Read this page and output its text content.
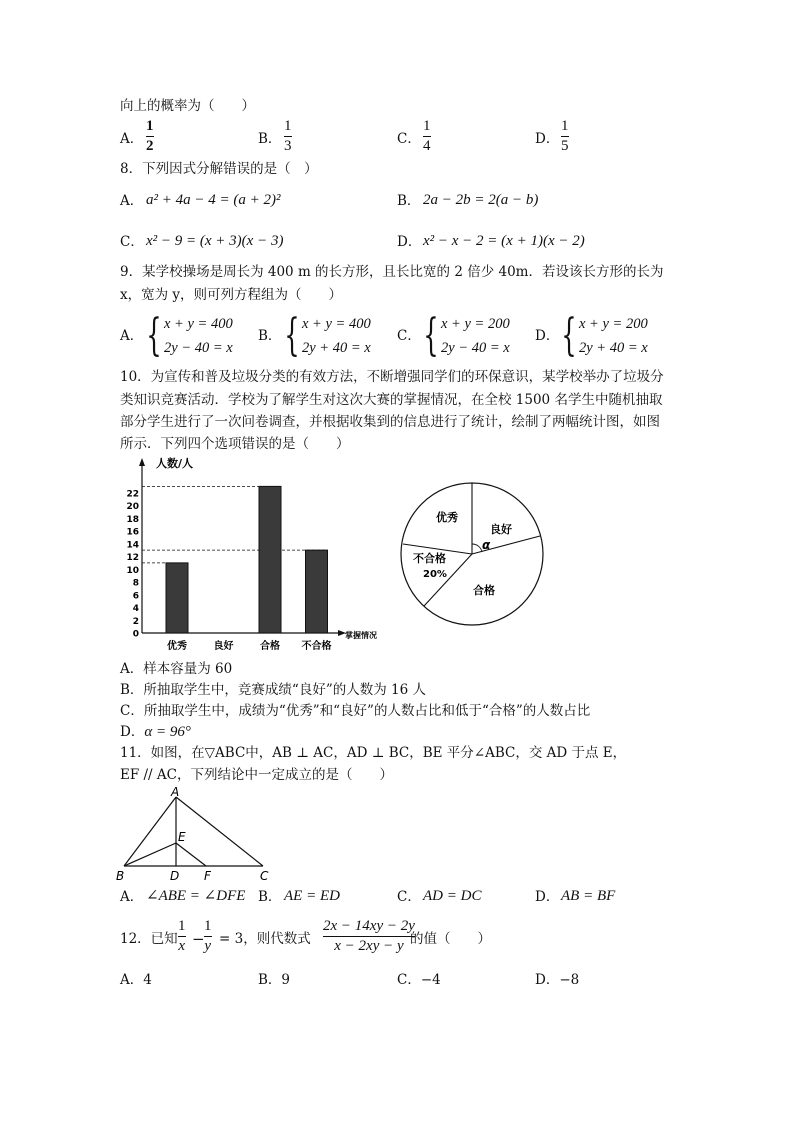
向上的概率为（　　）
A．
1
2	B．
1
3	C．
1
4	D．
1
5
8．下列因式分解错误的是（　）
A． a² + 4a − 4 = (a + 2)²	B． 2a − 2b = 2(a − b)
C． x² − 9 = (x + 3)(x − 3)	D． x² − x − 2 = (x + 1)(x − 2)
9．某学校操场是周长为 400 m 的长方形，且长比宽的 2 倍少 40m．若设该长方形的长为
x，宽为 y，则可列方程组为（　　）
A． { x + y = 400
2y − 40 = x
B． { x + y = 400
2y + 40 = x
C． { x + y = 200
2y − 40 = x
D． { x + y = 200
2y + 40 = x
10．为宣传和普及垃圾分类的有效方法，不断增强同学们的环保意识，某学校举办了垃圾分
类知识竞赛活动．学校为了解学生对这次大赛的掌握情况，在全校 1500 名学生中随机抽取
部分学生进行了一次问卷调查，并根据收集到的信息进行了统计，绘制了两幅统计图，如图
所示．下列四个选项错误的是（　　）
人数/人
掌握情况
0
2
4
6
8
10
12
14
16
18
20
22
优秀	良好	合格 不合格
优秀
良好
合格
不合格
20%
α
A．样本容量为 60
B．所抽取学生中，竞赛成绩“良好”的人数为 16 人
C．所抽取学生中，成绩为“优秀”和“良好”的人数占比和低于“合格”的人数占比
D．α = 96°
11．如图，在▽ABC中，AB ⊥ AC，AD ⊥ BC，BE 平分∠ABC，交 AD 于点 E，
EF // AC，下列结论中一定成立的是（　　）
A
B	C
D
E
F
A． ∠ABE = ∠DFE B． AE = ED	C． AD = DC	D． AB = BF
12．已知
1
x −
1
y = 3，则代数式
2x − 14xy − 2y
x − 2xy − y 的值（　　）
A．4	B．9	C．−4	D．−8
